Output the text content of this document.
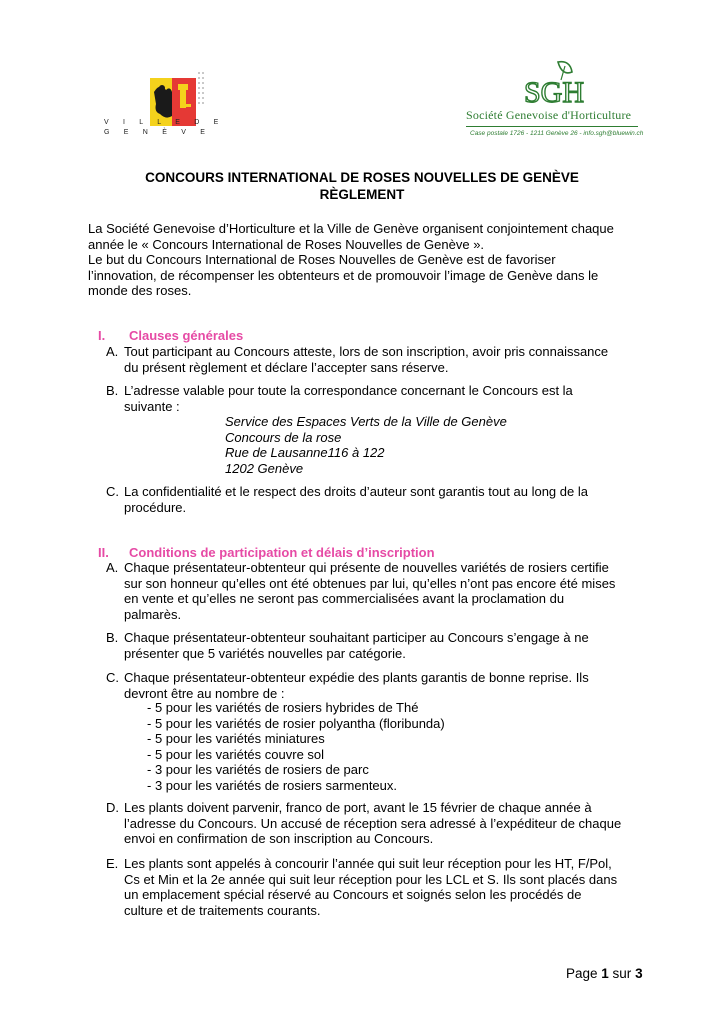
V I L L E D E
G E N È V E
SGH
Société Genevoise d'Horticulture
Case postale 1726 - 1211 Genève 26 - info.sgh@bluewin.ch
CONCOURS INTERNATIONAL DE ROSES NOUVELLES DE GENÈVE
RÈGLEMENT
La Société Genevoise d’Horticulture et la Ville de Genève organisent conjointement chaque
année le « Concours International de Roses Nouvelles de Genève ».
Le but du Concours International de Roses Nouvelles de Genève est de favoriser
l’innovation, de récompenser les obtenteurs et de promouvoir l’image de Genève dans le
monde des roses.
I. Clauses générales
A. Tout participant au Concours atteste, lors de son inscription, avoir pris connaissance
du présent règlement et déclare l’accepter sans réserve.
B. L’adresse valable pour toute la correspondance concernant le Concours est la
suivante :
Service des Espaces Verts de la Ville de Genève
Concours de la rose
Rue de Lausanne116 à 122
1202 Genève
C. La confidentialité et le respect des droits d’auteur sont garantis tout au long de la
procédure.
II. Conditions de participation et délais d’inscription
A. Chaque présentateur-obtenteur qui présente de nouvelles variétés de rosiers certifie
sur son honneur qu’elles ont été obtenues par lui, qu’elles n’ont pas encore été mises
en vente et qu’elles ne seront pas commercialisées avant la proclamation du
palmarès.
B. Chaque présentateur-obtenteur souhaitant participer au Concours s’engage à ne
présenter que 5 variétés nouvelles par catégorie.
C. Chaque présentateur-obtenteur expédie des plants garantis de bonne reprise. Ils
devront être au nombre de :
- 5 pour les variétés de rosiers hybrides de Thé
- 5 pour les variétés de rosier polyantha (floribunda)
- 5 pour les variétés miniatures
- 5 pour les variétés couvre sol
- 3 pour les variétés de rosiers de parc
- 3 pour les variétés de rosiers sarmenteux.
D. Les plants doivent parvenir, franco de port, avant le 15 février de chaque année à
l’adresse du Concours. Un accusé de réception sera adressé à l’expéditeur de chaque
envoi en confirmation de son inscription au Concours.
E. Les plants sont appelés à concourir l’année qui suit leur réception pour les HT, F/Pol,
Cs et Min et la 2e année qui suit leur réception pour les LCL et S. Ils sont placés dans
un emplacement spécial réservé au Concours et soignés selon les procédés de
culture et de traitements courants.
Page 1 sur 3
